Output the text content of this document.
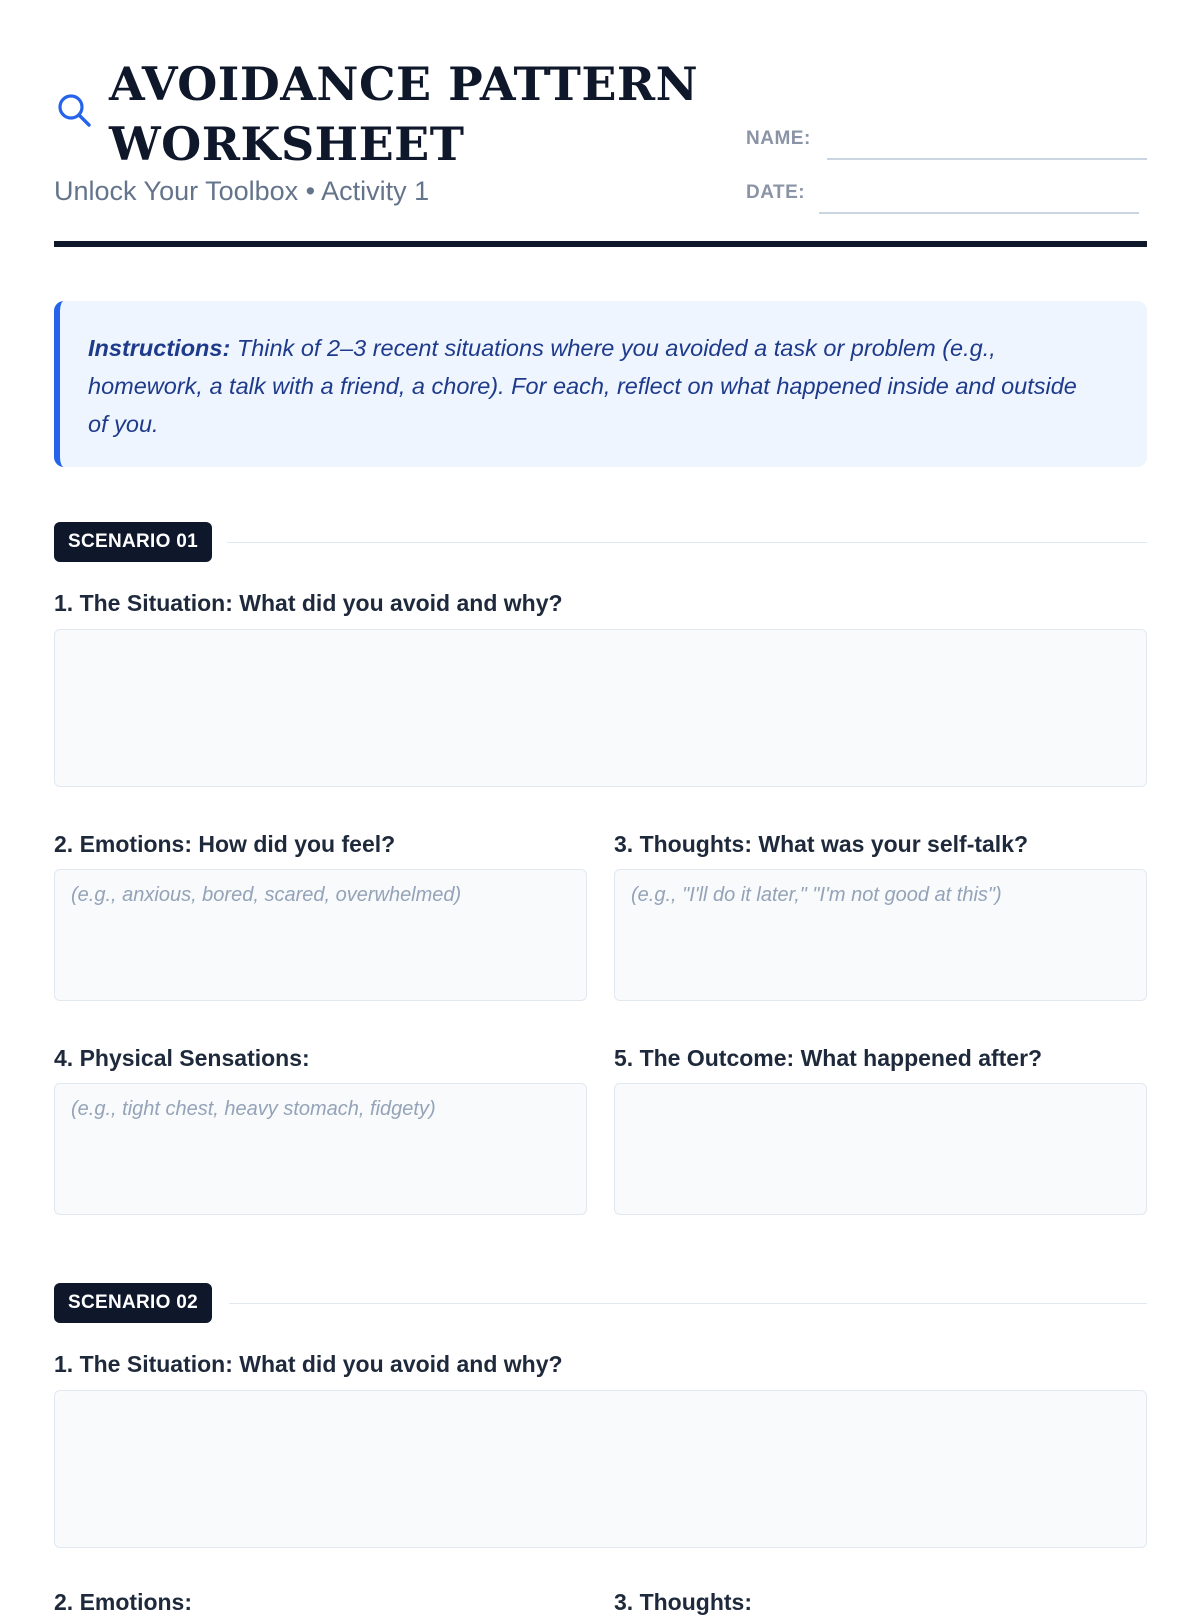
AVOIDANCE PATTERN
WORKSHEET
Unlock Your Toolbox • Activity 1
NAME:
DATE:
Instructions: Think of 2–3 recent situations where you avoided a task or problem (e.g., homework, a talk with a friend, a chore). For each, reflect on what happened inside and outside of you.
SCENARIO 01
1. The Situation: What did you avoid and why?
2. Emotions: How did you feel?
(e.g., anxious, bored, scared, overwhelmed)
3. Thoughts: What was your self-talk?
(e.g., "I'll do it later," "I'm not good at this")
4. Physical Sensations:
(e.g., tight chest, heavy stomach, fidgety)
5. The Outcome: What happened after?
SCENARIO 02
1. The Situation: What did you avoid and why?
2. Emotions:	3. Thoughts:
